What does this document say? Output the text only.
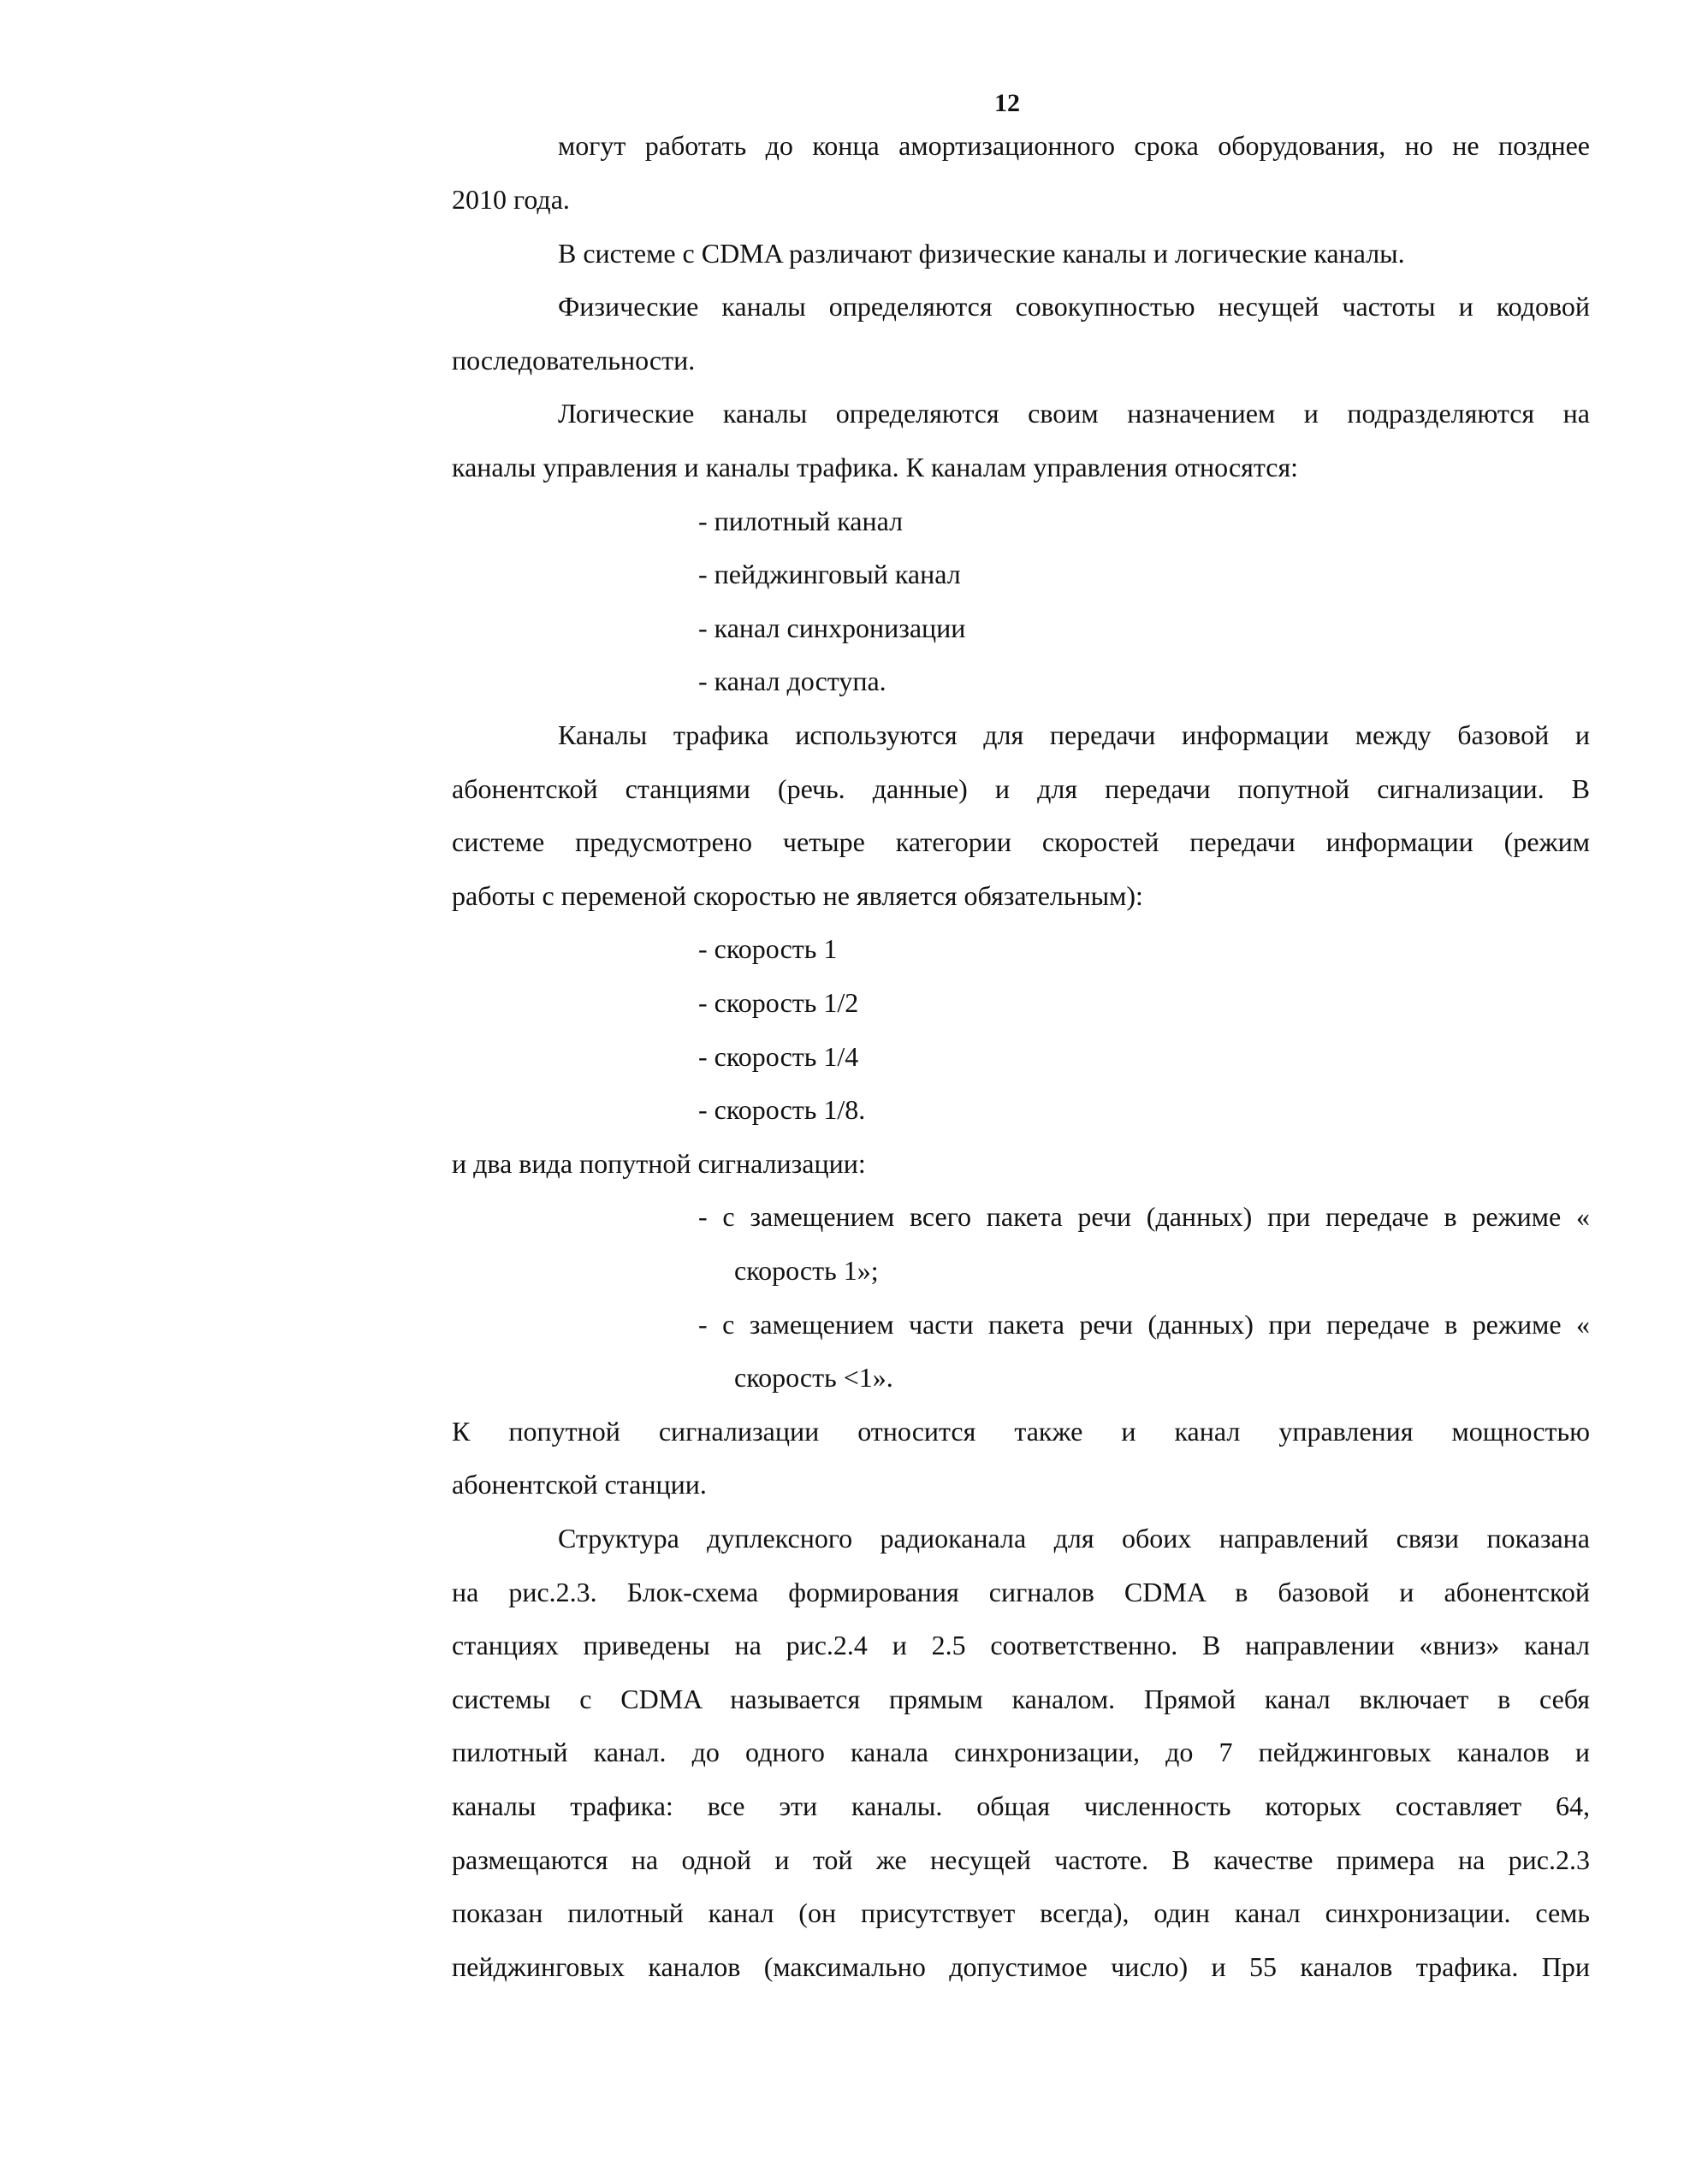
12
могут работать до конца амортизационного срока оборудования, но не позднее
2010 года.
В системе с CDMA различают физические каналы и логические каналы.
Физические каналы определяются совокупностью несущей частоты и кодовой
последовательности.
Логические каналы определяются своим назначением и подразделяются на
каналы управления и каналы трафика. К каналам управления относятся:
- пилотный канал
- пейджинговый канал
- канал синхронизации
- канал доступа.
Каналы трафика используются для передачи информации между базовой и
абонентской станциями (речь. данные) и для передачи попутной сигнализации. В
системе предусмотрено четыре категории скоростей передачи информации (режим
работы с переменой скоростью не является обязательным):
- скорость 1
- скорость 1/2
- скорость 1/4
- скорость 1/8.
и два вида попутной сигнализации:
- с замещением всего пакета речи (данных) при передаче в режиме «
скорость 1»;
- с замещением части пакета речи (данных) при передаче в режиме «
скорость <1».
К попутной сигнализации относится также и канал управления мощностью
абонентской станции.
Структура дуплексного радиоканала для обоих направлений связи показана
на рис.2.3. Блок-схема формирования сигналов CDMA в базовой и абонентской
станциях приведены на рис.2.4 и 2.5 соответственно. В направлении «вниз» канал
системы с CDMA называется прямым каналом. Прямой канал включает в себя
пилотный канал. до одного канала синхронизации, до 7 пейджинговых каналов и
каналы трафика: все эти каналы. общая численность которых составляет 64,
размещаются на одной и той же несущей частоте. В качестве примера на рис.2.3
показан пилотный канал (он присутствует всегда), один канал синхронизации. семь
пейджинговых каналов (максимально допустимое число) и 55 каналов трафика. При
